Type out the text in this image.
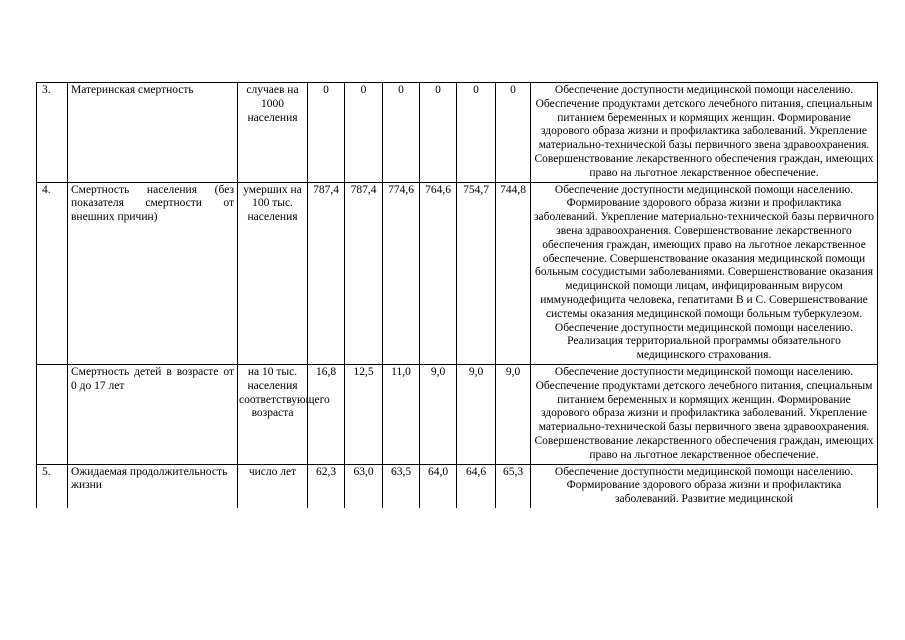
3.	Материнская смертность	случаев на 1000 населения	0	0	0	0	0	0	Обеспечение доступности медицинской помощи населению. Обеспечение продуктами детского лечебного питания, специальным питанием беременных и кормящих женщин. Формирование здорового образа жизни и профилактика заболеваний. Укрепление материально-технической базы первичного звена здравоохранения. Совершенствование лекарственного обеспечения граждан, имеющих право на льготное лекарственное обеспечение.
4.	Смертность населения (без показателя смертности от внешних причин)	умерших на 100 тыс. населения	787,4	787,4	774,6	764,6	754,7	744,8	Обеспечение доступности медицинской помощи населению. Формирование здорового образа жизни и профилактика заболеваний. Укрепление материально-технической базы первичного звена здравоохранения. Совершенствование лекарственного обеспечения граждан, имеющих право на льготное лекарственное обеспечение. Совершенствование оказания медицинской помощи больным сосудистыми заболеваниями. Совершенствование оказания медицинской помощи лицам, инфицированным вирусом иммунодефицита человека, гепатитами B и C. Совершенствование системы оказания медицинской помощи больным туберкулезом. Обеспечение доступности медицинской помощи населению. Реализация территориальной программы обязательного медицинского страхования.
	Смертность детей в возрасте от 0 до 17 лет	на 10 тыс. населения соответствующего возраста	16,8	12,5	11,0	9,0	9,0	9,0	Обеспечение доступности медицинской помощи населению. Обеспечение продуктами детского лечебного питания, специальным питанием беременных и кормящих женщин. Формирование здорового образа жизни и профилактика заболеваний. Укрепление материально-технической базы первичного звена здравоохранения. Совершенствование лекарственного обеспечения граждан, имеющих право на льготное лекарственное обеспечение.
5.	Ожидаемая продолжительность жизни	число лет	62,3	63,0	63,5	64,0	64,6	65,3	Обеспечение доступности медицинской помощи населению. Формирование здорового образа жизни и профилактика заболеваний. Развитие медицинской
